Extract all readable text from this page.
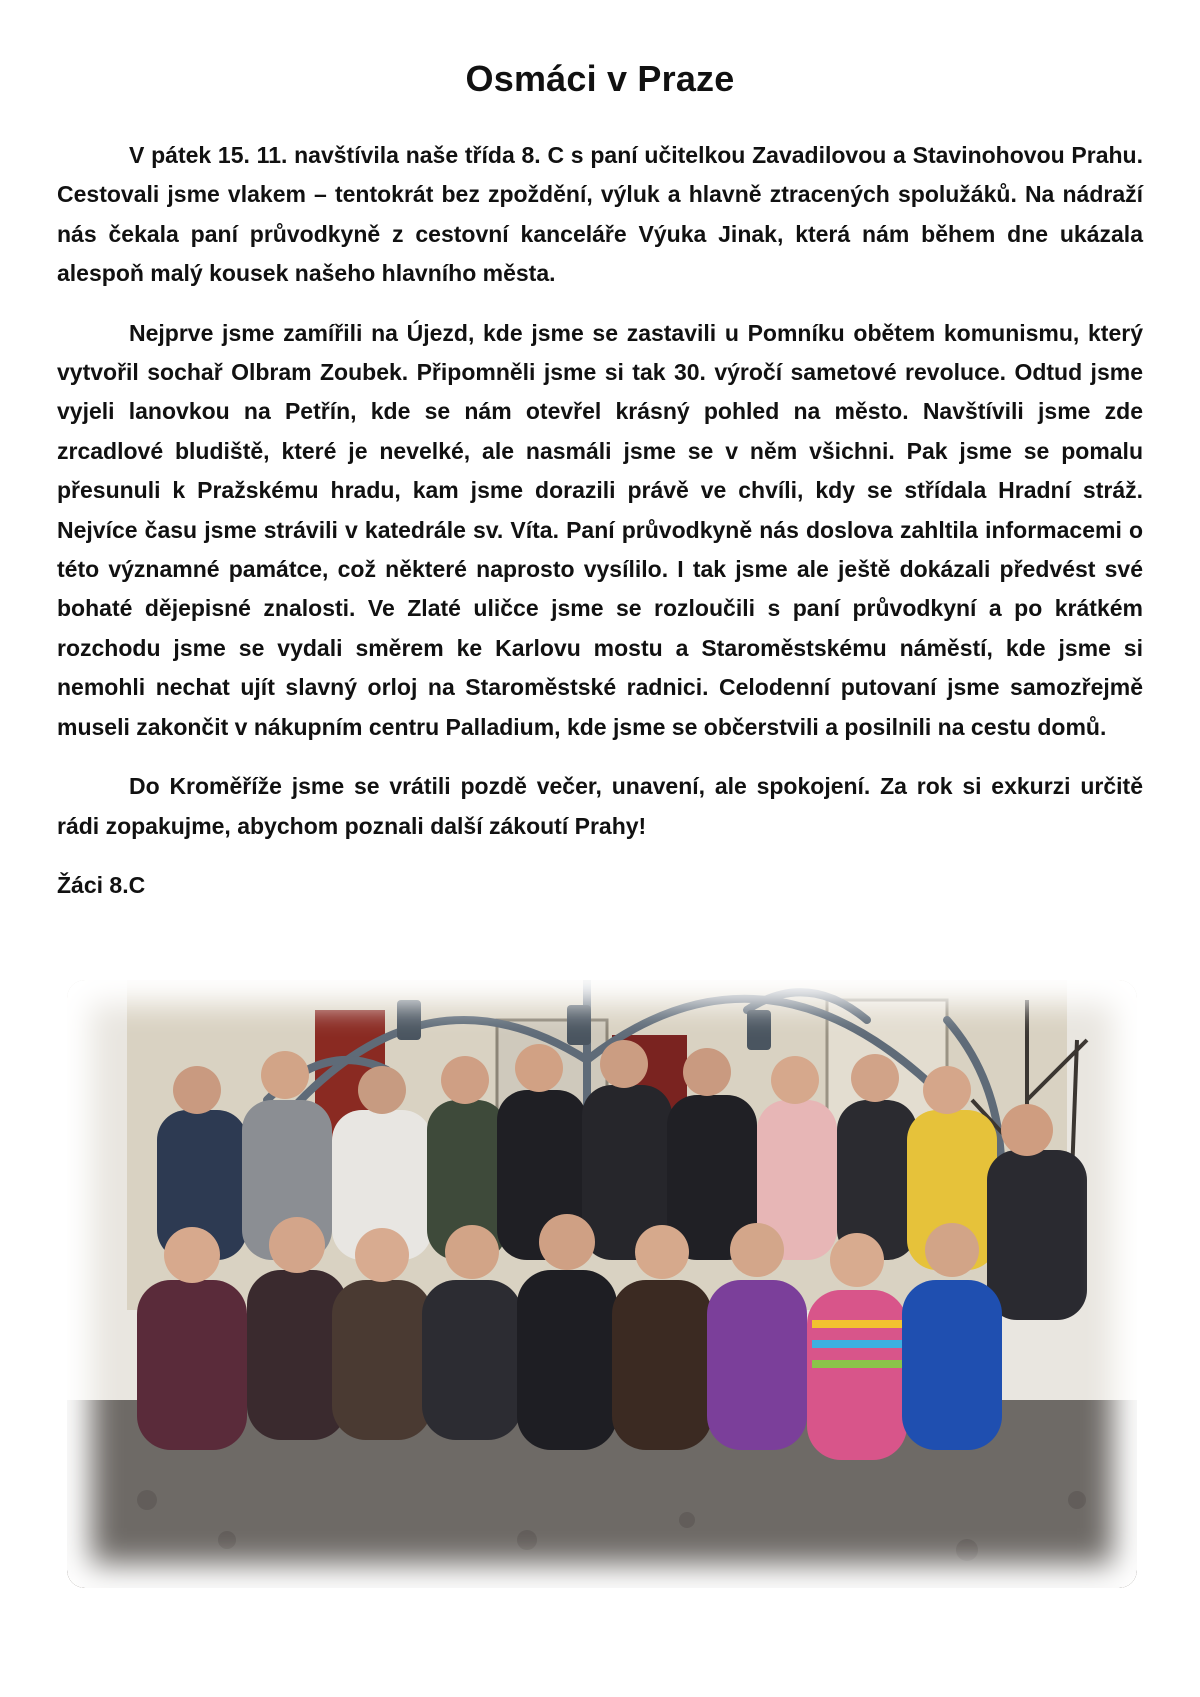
Osmáci v Praze

V pátek 15. 11. navštívila naše třída 8. C s paní učitelkou Zavadilovou a Stavinohovou Prahu. Cestovali jsme vlakem – tentokrát bez zpoždění, výluk a hlavně ztracených spolužáků. Na nádraží nás čekala paní průvodkyně z cestovní kanceláře Výuka Jinak, která nám během dne ukázala alespoň malý kousek našeho hlavního města.

Nejprve jsme zamířili na Újezd, kde jsme se zastavili u Pomníku obětem komunismu, který vytvořil sochař Olbram Zoubek. Připomněli jsme si tak 30. výročí sametové revoluce. Odtud jsme vyjeli lanovkou na Petřín, kde se nám otevřel krásný pohled na město. Navštívili jsme zde zrcadlové bludiště, které je nevelké, ale nasmáli jsme se v něm všichni. Pak jsme se pomalu přesunuli k Pražskému hradu, kam jsme dorazili právě ve chvíli, kdy se střídala Hradní stráž. Nejvíce času jsme strávili v katedrále sv. Víta. Paní průvodkyně nás doslova zahltila informacemi o této významné památce, což některé naprosto vysílilo. I tak jsme ale ještě dokázali předvést své bohaté dějepisné znalosti. Ve Zlaté uličce jsme se rozloučili s paní průvodkyní a po krátkém rozchodu jsme se vydali směrem ke Karlovu mostu a Staroměstskému náměstí, kde jsme si nemohli nechat ujít slavný orloj na Staroměstské radnici. Celodenní putovaní jsme samozřejmě museli zakončit v nákupním centru Palladium, kde jsme se občerstvili a posilnili na cestu domů.

Do Kroměříže jsme se vrátili pozdě večer, unavení, ale spokojení. Za rok si exkurzi určitě rádi zopakujme, abychom poznali další zákoutí Prahy!

Žáci 8.C
